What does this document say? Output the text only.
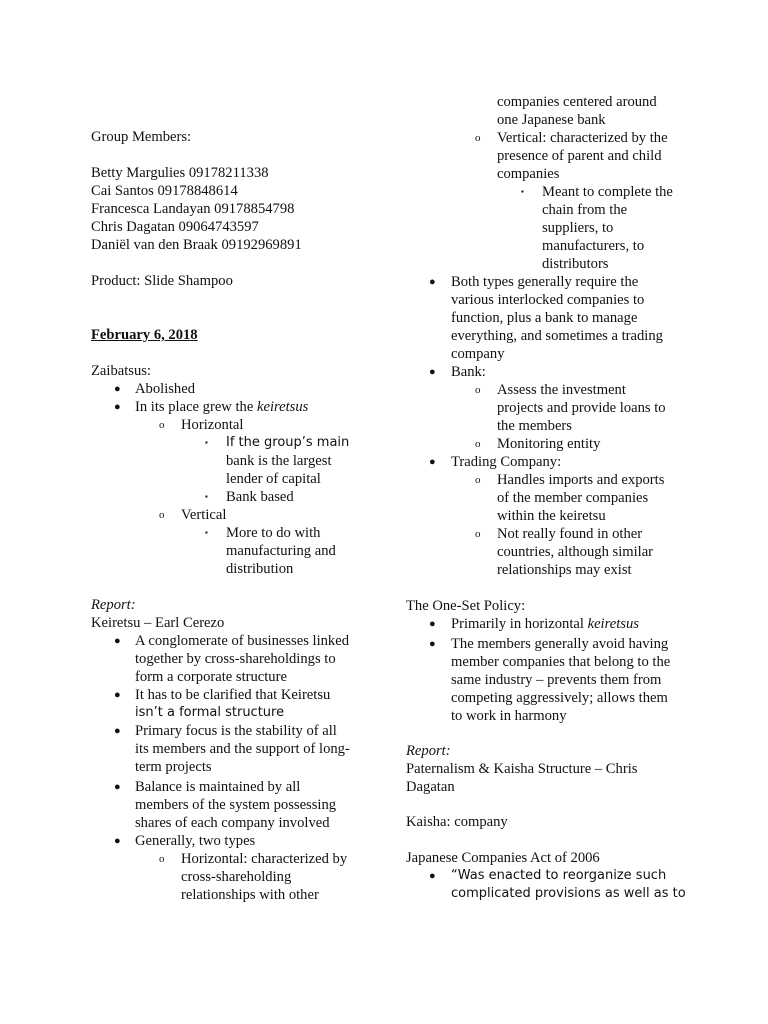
Group Members:
Betty Margulies 09178211338
Cai Santos 09178848614
Francesca Landayan 09178854798
Chris Dagatan 09064743597
Daniël van den Braak 09192969891
Product: Slide Shampoo
February 6, 2018
Zaibatsus:
● Abolished
● In its place grew the keiretsus
o Horizontal
▪ If the group’s main
bank is the largest
lender of capital
▪ Bank based
o Vertical
▪ More to do with
manufacturing and
distribution
Report:
Keiretsu – Earl Cerezo
● A conglomerate of businesses linked
together by cross-shareholdings to
form a corporate structure
● It has to be clarified that Keiretsu
isn’t a formal structure
● Primary focus is the stability of all
its members and the support of long-
term projects
● Balance is maintained by all
members of the system possessing
shares of each company involved
● Generally, two types
o Horizontal: characterized by
cross-shareholding
relationships with other
companies centered around
one Japanese bank
o Vertical: characterized by the
presence of parent and child
companies
▪ Meant to complete the
chain from the
suppliers, to
manufacturers, to
distributors
● Both types generally require the
various interlocked companies to
function, plus a bank to manage
everything, and sometimes a trading
company
● Bank:
o Assess the investment
projects and provide loans to
the members
o Monitoring entity
● Trading Company:
o Handles imports and exports
of the member companies
within the keiretsu
o Not really found in other
countries, although similar
relationships may exist
The One-Set Policy:
● Primarily in horizontal keiretsus
● The members generally avoid having
member companies that belong to the
same industry – prevents them from
competing aggressively; allows them
to work in harmony
Report:
Paternalism & Kaisha Structure – Chris
Dagatan
Kaisha: company
Japanese Companies Act of 2006
● “Was enacted to reorganize such
complicated provisions as well as to
